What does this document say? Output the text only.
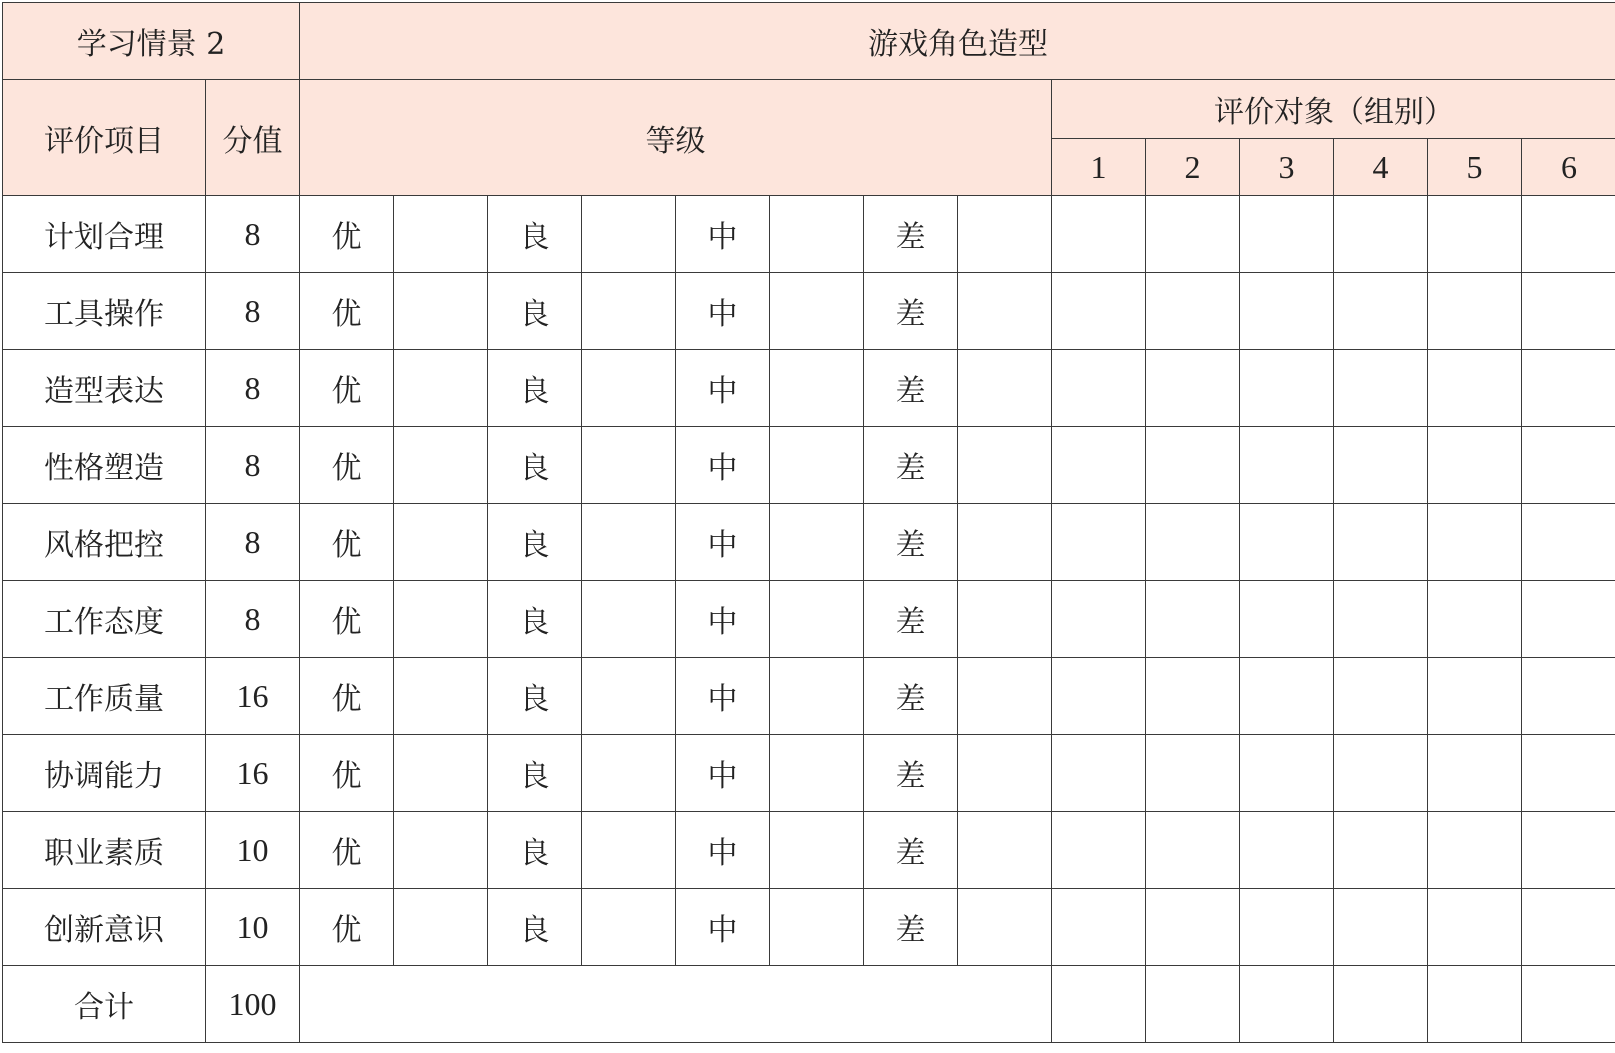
学习情景 2		游戏角色造型													
评价项目	分值	等级								评价对象（组别）					
										1	2	3	4	5	6
计划合理	8	优		良		中		差							
工具操作	8	优		良		中		差							
造型表达	8	优		良		中		差							
性格塑造	8	优		良		中		差							
风格把控	8	优		良		中		差							
工作态度	8	优		良		中		差							
工作质量	16	优		良		中		差							
协调能力	16	优		良		中		差							
职业素质	10	优		良		中		差							
创新意识	10	优		良		中		差							
合计	100														
